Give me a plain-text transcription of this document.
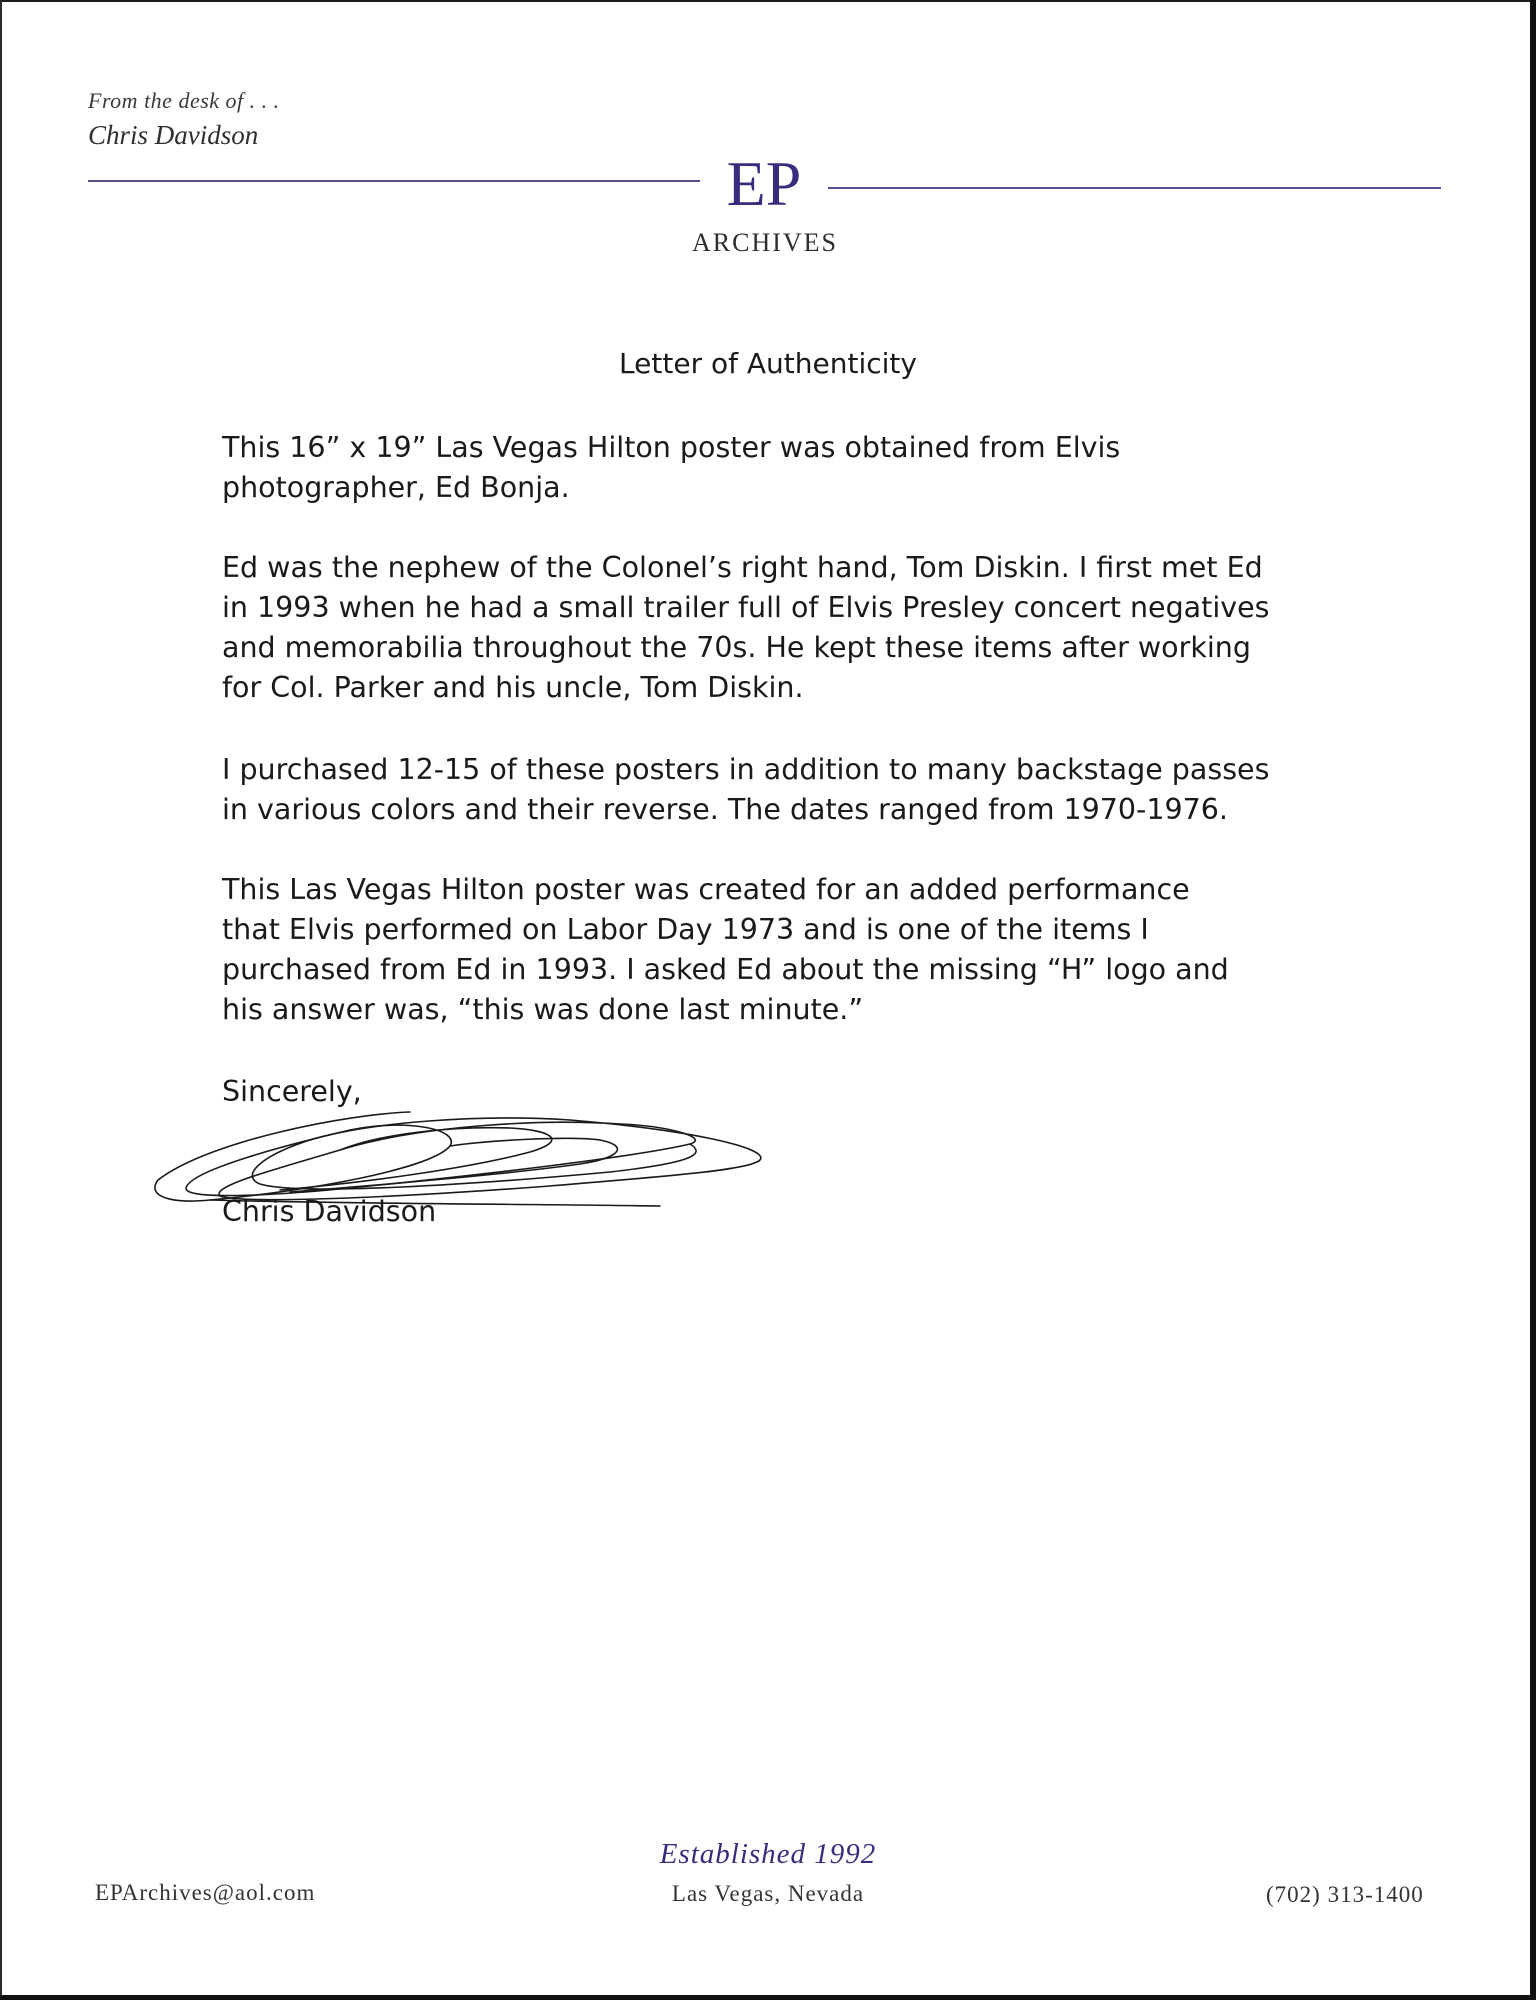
From the desk of . . .
Chris Davidson
EP
ARCHIVES
Letter of Authenticity
This 16” x 19” Las Vegas Hilton poster was obtained from Elvis
photographer, Ed Bonja.
Ed was the nephew of the Colonel’s right hand, Tom Diskin. I first met Ed
in 1993 when he had a small trailer full of Elvis Presley concert negatives
and memorabilia throughout the 70s. He kept these items after working
for Col. Parker and his uncle, Tom Diskin.
I purchased 12-15 of these posters in addition to many backstage passes
in various colors and their reverse. The dates ranged from 1970-1976.
This Las Vegas Hilton poster was created for an added performance
that Elvis performed on Labor Day 1973 and is one of the items I
purchased from Ed in 1993. I asked Ed about the missing “H” logo and
his answer was, “this was done last minute.”
Sincerely,
Chris Davidson
Established 1992
Las Vegas, Nevada
EPArchives@aol.com	(702) 313-1400
